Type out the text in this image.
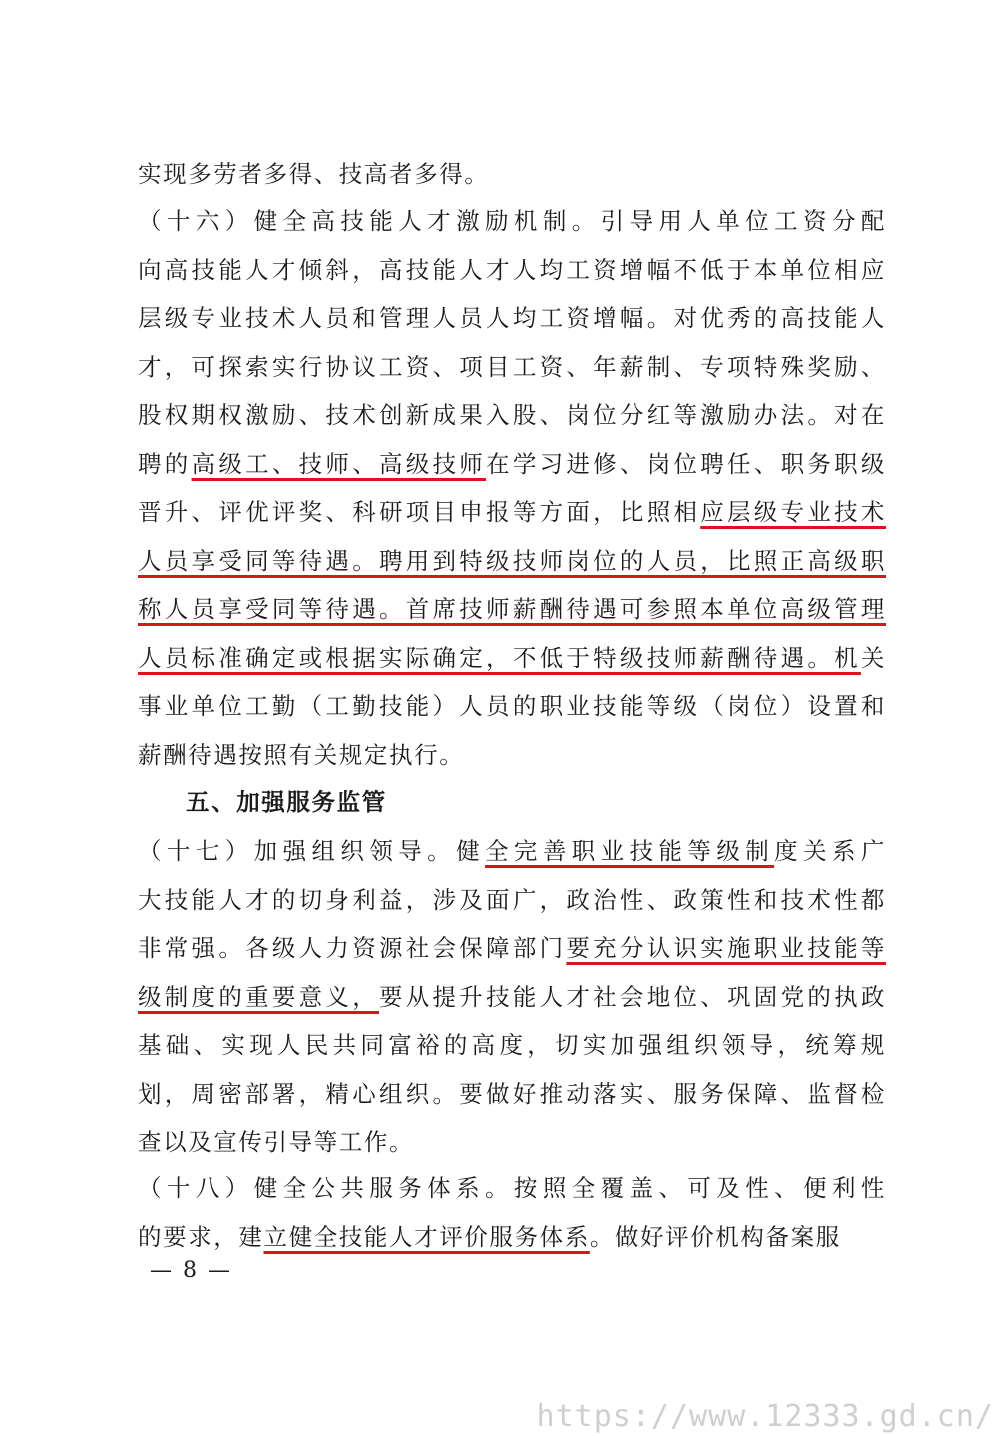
实现多劳者多得、技高者多得。
（十六）健全高技能人才激励机制。引导用人单位工资分配
向高技能人才倾斜，高技能人才人均工资增幅不低于本单位相应
层级专业技术人员和管理人员人均工资增幅。对优秀的高技能人
才，可探索实行协议工资、项目工资、年薪制、专项特殊奖励、
股权期权激励、技术创新成果入股、岗位分红等激励办法。对在
聘的高级工、技师、高级技师在学习进修、岗位聘任、职务职级
晋升、评优评奖、科研项目申报等方面，比照相应层级专业技术
人员享受同等待遇。聘用到特级技师岗位的人员，比照正高级职
称人员享受同等待遇。首席技师薪酬待遇可参照本单位高级管理
人员标准确定或根据实际确定，不低于特级技师薪酬待遇。机关
事业单位工勤（工勤技能）人员的职业技能等级（岗位）设置和
薪酬待遇按照有关规定执行。
五、加强服务监管
（十七）加强组织领导。健全完善职业技能等级制度关系广
大技能人才的切身利益，涉及面广，政治性、政策性和技术性都
非常强。各级人力资源社会保障部门要充分认识实施职业技能等
级制度的重要意义，要从提升技能人才社会地位、巩固党的执政
基础、实现人民共同富裕的高度，切实加强组织领导，统筹规
划，周密部署，精心组织。要做好推动落实、服务保障、监督检
查以及宣传引导等工作。
（十八）健全公共服务体系。按照全覆盖、可及性、便利性
的要求，建立健全技能人才评价服务体系。做好评价机构备案服
— 8 —
https://www.12333.gd.cn/
